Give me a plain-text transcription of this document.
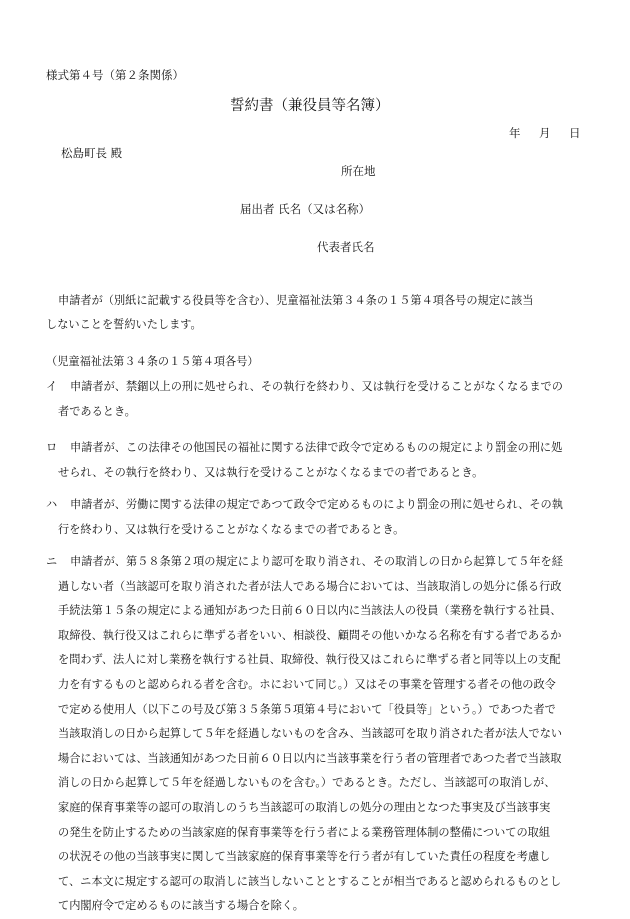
様式第４号（第２条関係）
誓約書（兼役員等名簿）
年 月 日
松島町長 殿
所在地
届出者 氏名（又は名称）
代表者氏名
申請者が（別紙に記載する役員等を含む）、児童福祉法第３４条の１５第４項各号の規定に該当
しないことを誓約いたします。
（児童福祉法第３４条の１５第４項各号）
イ	申請者が、禁錮以上の刑に処せられ、その執行を終わり、又は執行を受けることがなくなるまでの
者であるとき。
ロ	申請者が、この法律その他国民の福祉に関する法律で政令で定めるものの規定により罰金の刑に処
せられ、その執行を終わり、又は執行を受けることがなくなるまでの者であるとき。
ハ	申請者が、労働に関する法律の規定であつて政令で定めるものにより罰金の刑に処せられ、その執
行を終わり、又は執行を受けることがなくなるまでの者であるとき。
ニ	申請者が、第５８条第２項の規定により認可を取り消され、その取消しの日から起算して５年を経
過しない者（当該認可を取り消された者が法人である場合においては、当該取消しの処分に係る行政
手続法第１５条の規定による通知があつた日前６０日以内に当該法人の役員（業務を執行する社員、
取締役、執行役又はこれらに準ずる者をいい、相談役、顧問その他いかなる名称を有する者であるか
を問わず、法人に対し業務を執行する社員、取締役、執行役又はこれらに準ずる者と同等以上の支配
力を有するものと認められる者を含む。ホにおいて同じ。）又はその事業を管理する者その他の政令
で定める使用人（以下この号及び第３５条第５項第４号において「役員等」という。）であつた者で
当該取消しの日から起算して５年を経過しないものを含み、当該認可を取り消された者が法人でない
場合においては、当該通知があつた日前６０日以内に当該事業を行う者の管理者であつた者で当該取
消しの日から起算して５年を経過しないものを含む。）であるとき。ただし、当該認可の取消しが、
家庭的保育事業等の認可の取消しのうち当該認可の取消しの処分の理由となつた事実及び当該事実
の発生を防止するための当該家庭的保育事業等を行う者による業務管理体制の整備についての取組
の状況その他の当該事実に関して当該家庭的保育事業等を行う者が有していた責任の程度を考慮し
て、ニ本文に規定する認可の取消しに該当しないこととすることが相当であると認められるものとし
て内閣府令で定めるものに該当する場合を除く。
